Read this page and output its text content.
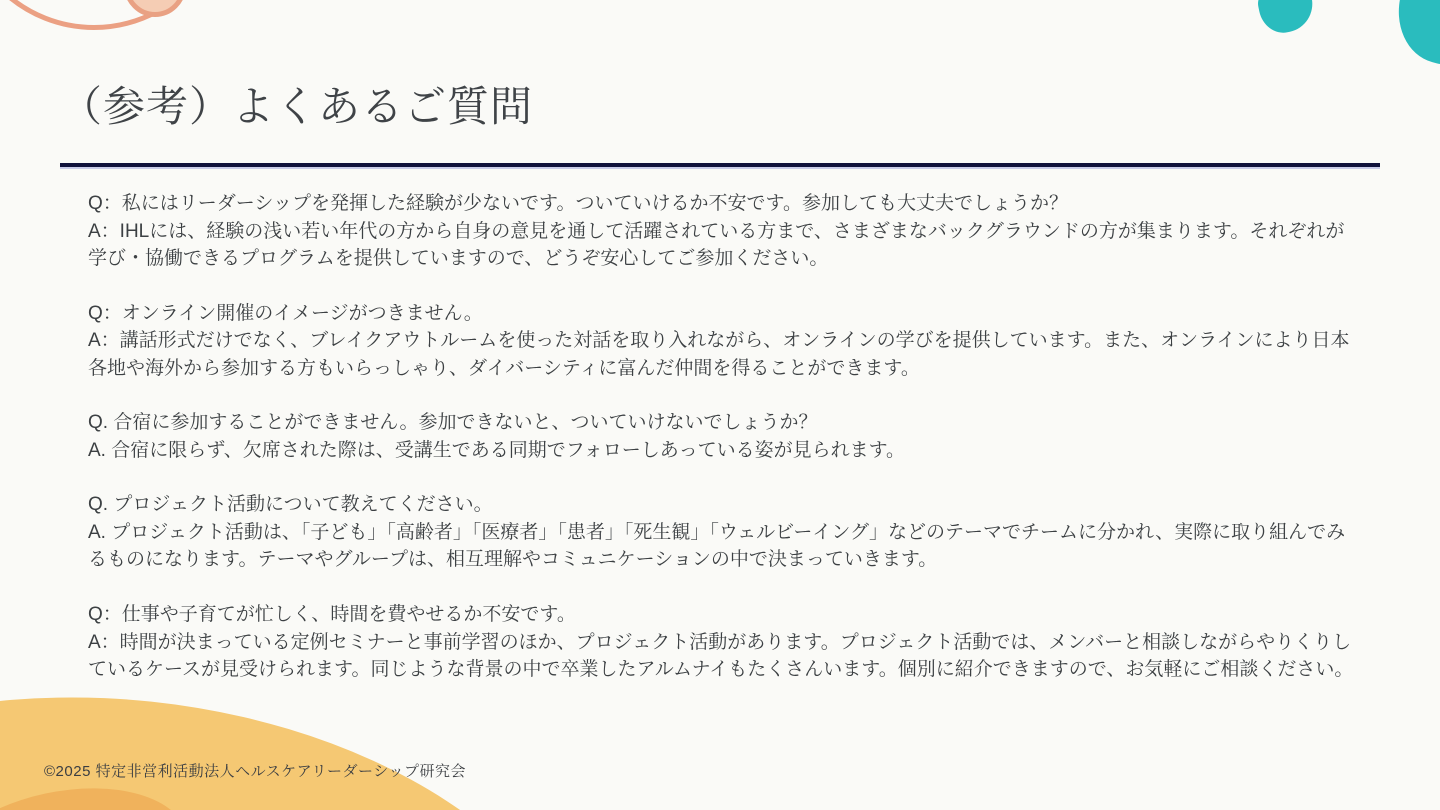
（参考）よくあるご質問
Q：私にはリーダーシップを発揮した経験が少ないです。ついていけるか不安です。参加しても大丈夫でしょうか？
A：IHLには、経験の浅い若い年代の方から自身の意見を通して活躍されている方まで、さまざまなバックグラウンドの方が集まります。それぞれが学び・協働できるプログラムを提供していますので、どうぞ安心してご参加ください。
Q：オンライン開催のイメージがつきません。
A：講話形式だけでなく、ブレイクアウトルームを使った対話を取り入れながら、オンラインの学びを提供しています。また、オンラインにより日本各地や海外から参加する方もいらっしゃり、ダイバーシティに富んだ仲間を得ることができます。
Q. 合宿に参加することができません。参加できないと、ついていけないでしょうか？
A. 合宿に限らず、欠席された際は、受講生である同期でフォローしあっている姿が見られます。
Q. プロジェクト活動について教えてください。
A. プロジェクト活動は、「子ども」「高齢者」「医療者」「患者」「死生観」「ウェルビーイング」などのテーマでチームに分かれ、実際に取り組んでみるものになります。テーマやグループは、相互理解やコミュニケーションの中で決まっていきます。
Q：仕事や子育てが忙しく、時間を費やせるか不安です。
A：時間が決まっている定例セミナーと事前学習のほか、プロジェクト活動があります。プロジェクト活動では、メンバーと相談しながらやりくりしているケースが見受けられます。同じような背景の中で卒業したアルムナイもたくさんいます。個別に紹介できますので、お気軽にご相談ください。
©2025 特定非営利活動法人ヘルスケアリーダーシップ研究会
